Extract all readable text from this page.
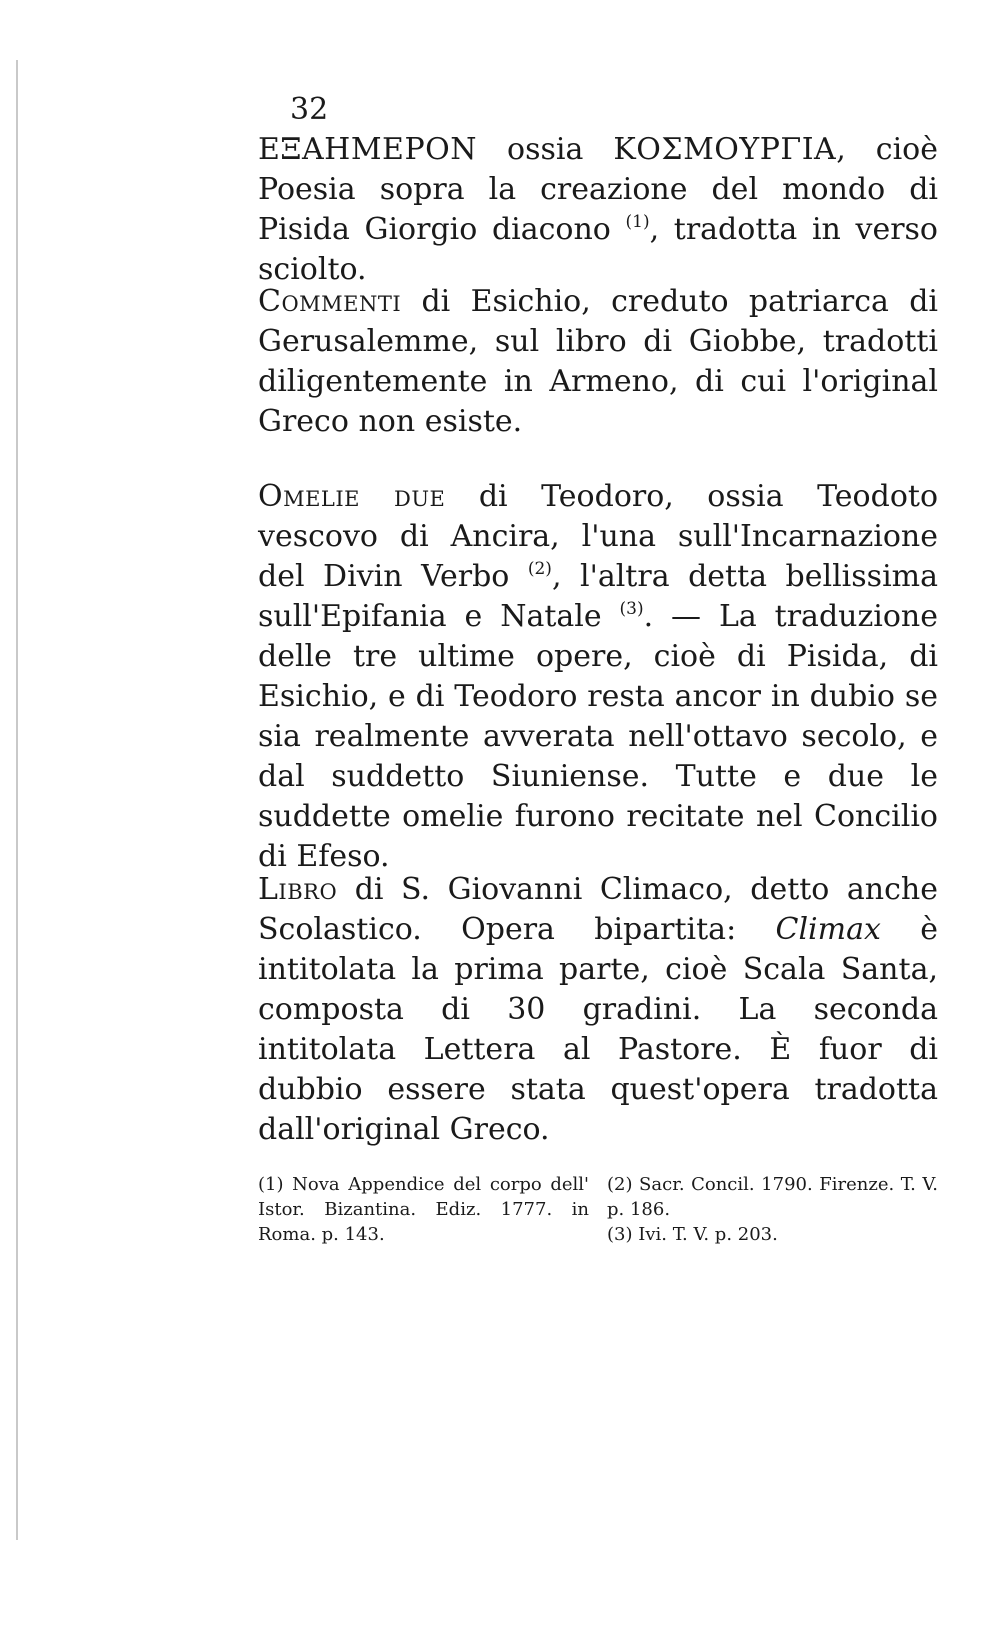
32

ΕΞΑΗΜΕΡΟΝ ossia ΚΟΣΜΟΥΡΓΙΑ, cioè Poesia sopra la creazione del mondo di Pisida Giorgio diacono $^{(1)}$, tradotta in verso sciolto.

Commenti di Esichio, creduto patriarca di Gerusalemme, sul libro di Giobbe, tradotti diligentemente in Armeno, di cui l'original Greco non esiste.

Omelie due di Teodoro, ossia Teodoto vescovo di Ancira, l'una sull'Incarnazione del Divin Verbo $^{(2)}$, l'altra detta bellissima sull'Epifania e Natale $^{(3)}$. — La traduzione delle tre ultime opere, cioè di Pisida, di Esichio, e di Teodoro resta ancor in dubio se sia realmente avverata nell'ottavo secolo, e dal suddetto Siuniense. Tutte e due le suddette omelie furono recitate nel Concilio di Efeso.

Libro di S. Giovanni Climaco, detto anche Scolastico. Opera bipartita: Climax è intitolata la prima parte, cioè Scala Santa, composta di 30 gradini. La seconda intitolata Lettera al Pastore. È fuor di dubbio essere stata quest'opera tradotta dall'original Greco.

(1) Nova Appendice del corpo dell' Istor. Bizantina. Ediz. 1777. in Roma. p. 143.

(2) Sacr. Concil. 1790. Firenze. T. V. p. 186.

(3) Ivi. T. V. p. 203.
